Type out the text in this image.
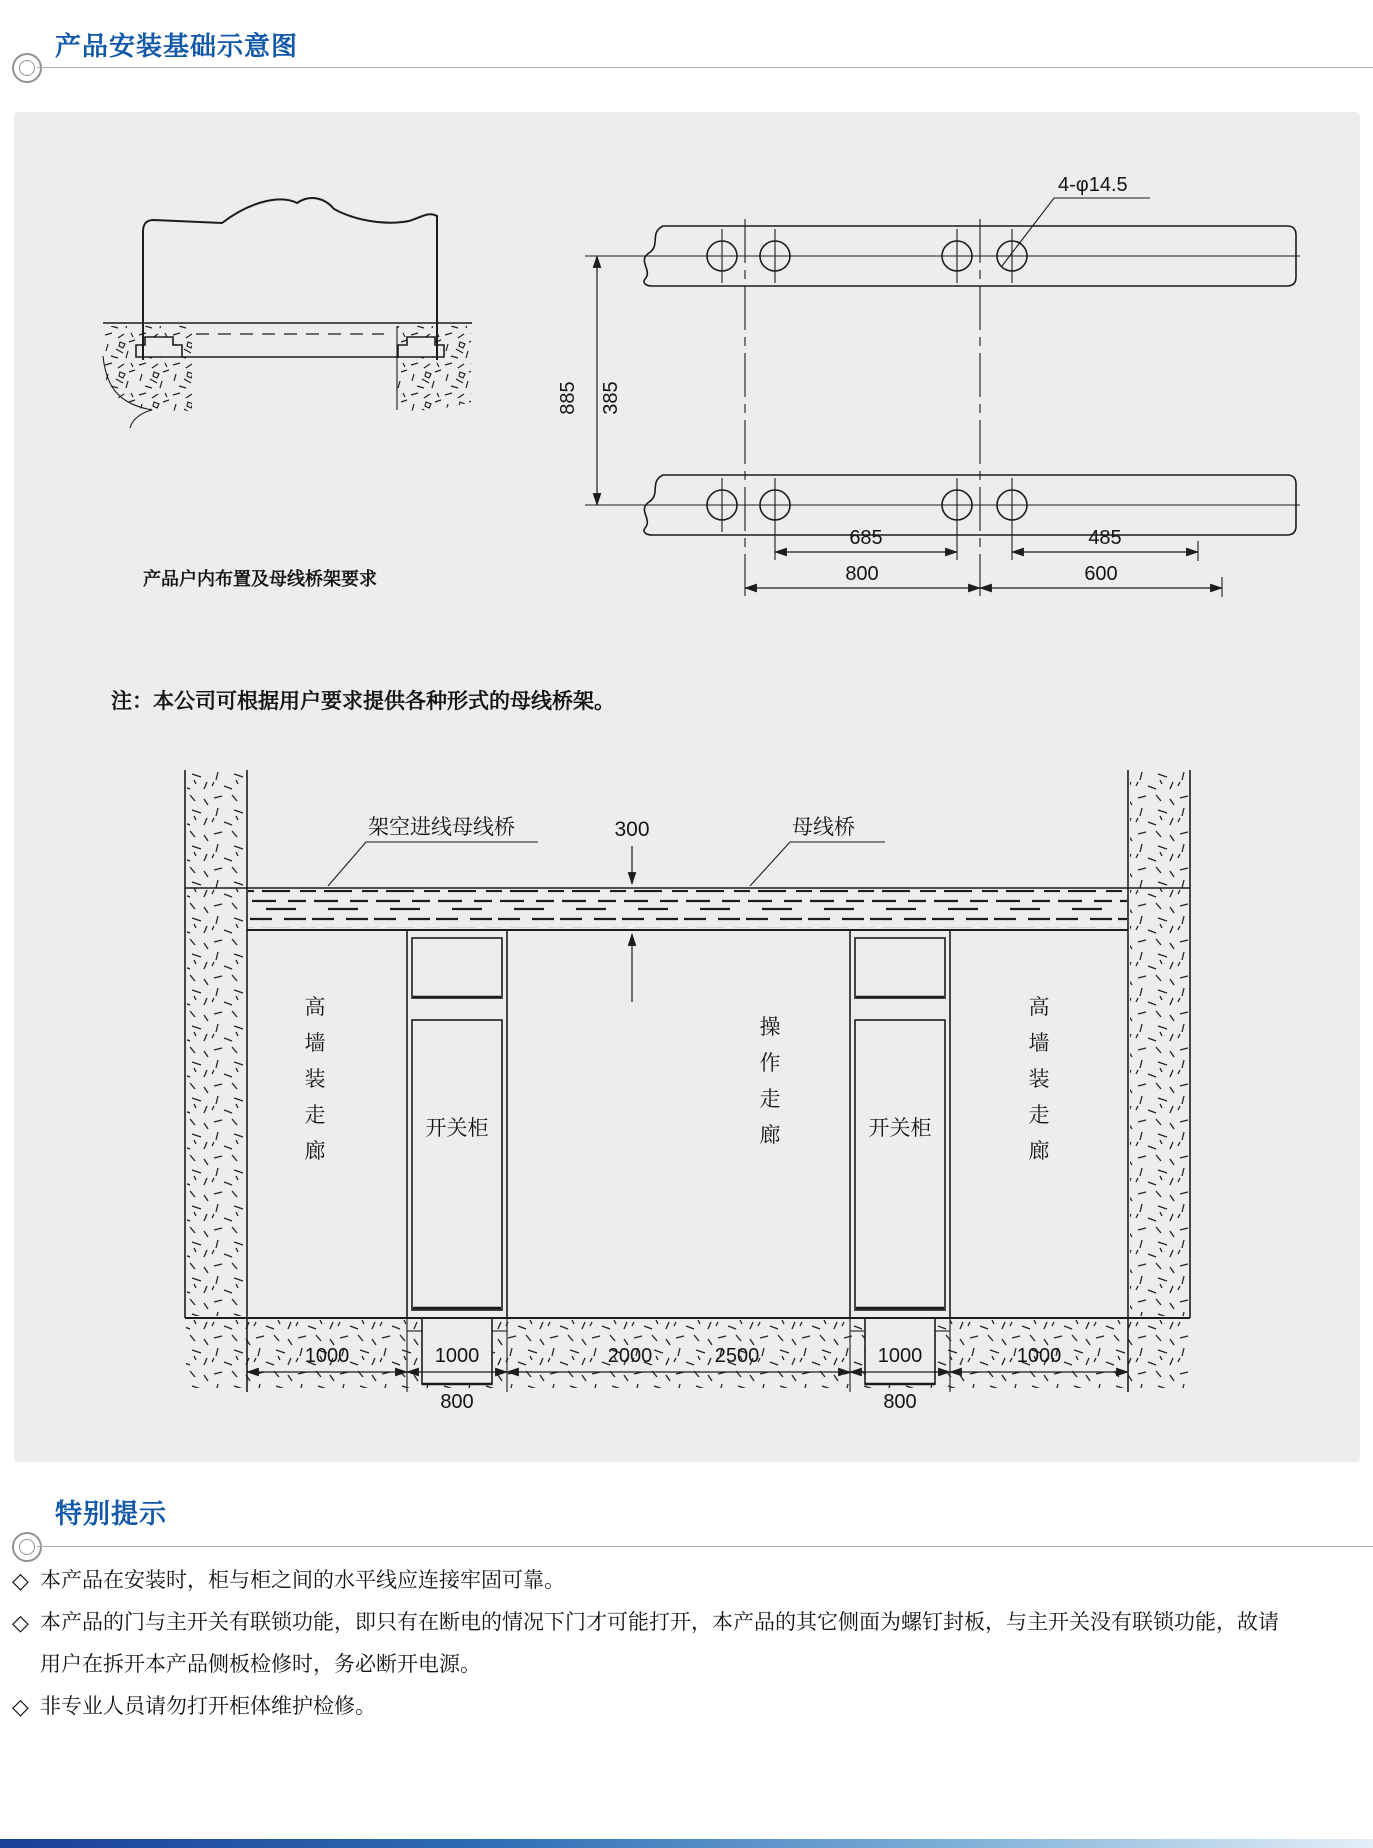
产品安装基础示意图
产品户内布置及母线桥架要求
4-φ14.5
885 385
685	485
800	600
注：本公司可根据用户要求提供各种形式的母线桥架。
架空进线母线桥	300	母线桥
高墙装走廊
开关柜
操作走廊	开关柜
高墙装走廊
1000	1000	2000	2500	1000	1000
800	800
特别提示
◇ 本产品在安装时，柜与柜之间的水平线应连接牢固可靠。
◇ 本产品的门与主开关有联锁功能，即只有在断电的情况下门才可能打开，本产品的其它侧面为螺钉封板，与主开关没有联锁功能，故请用户在拆开本产品侧板检修时，务必断开电源。
◇ 非专业人员请勿打开柜体维护检修。
